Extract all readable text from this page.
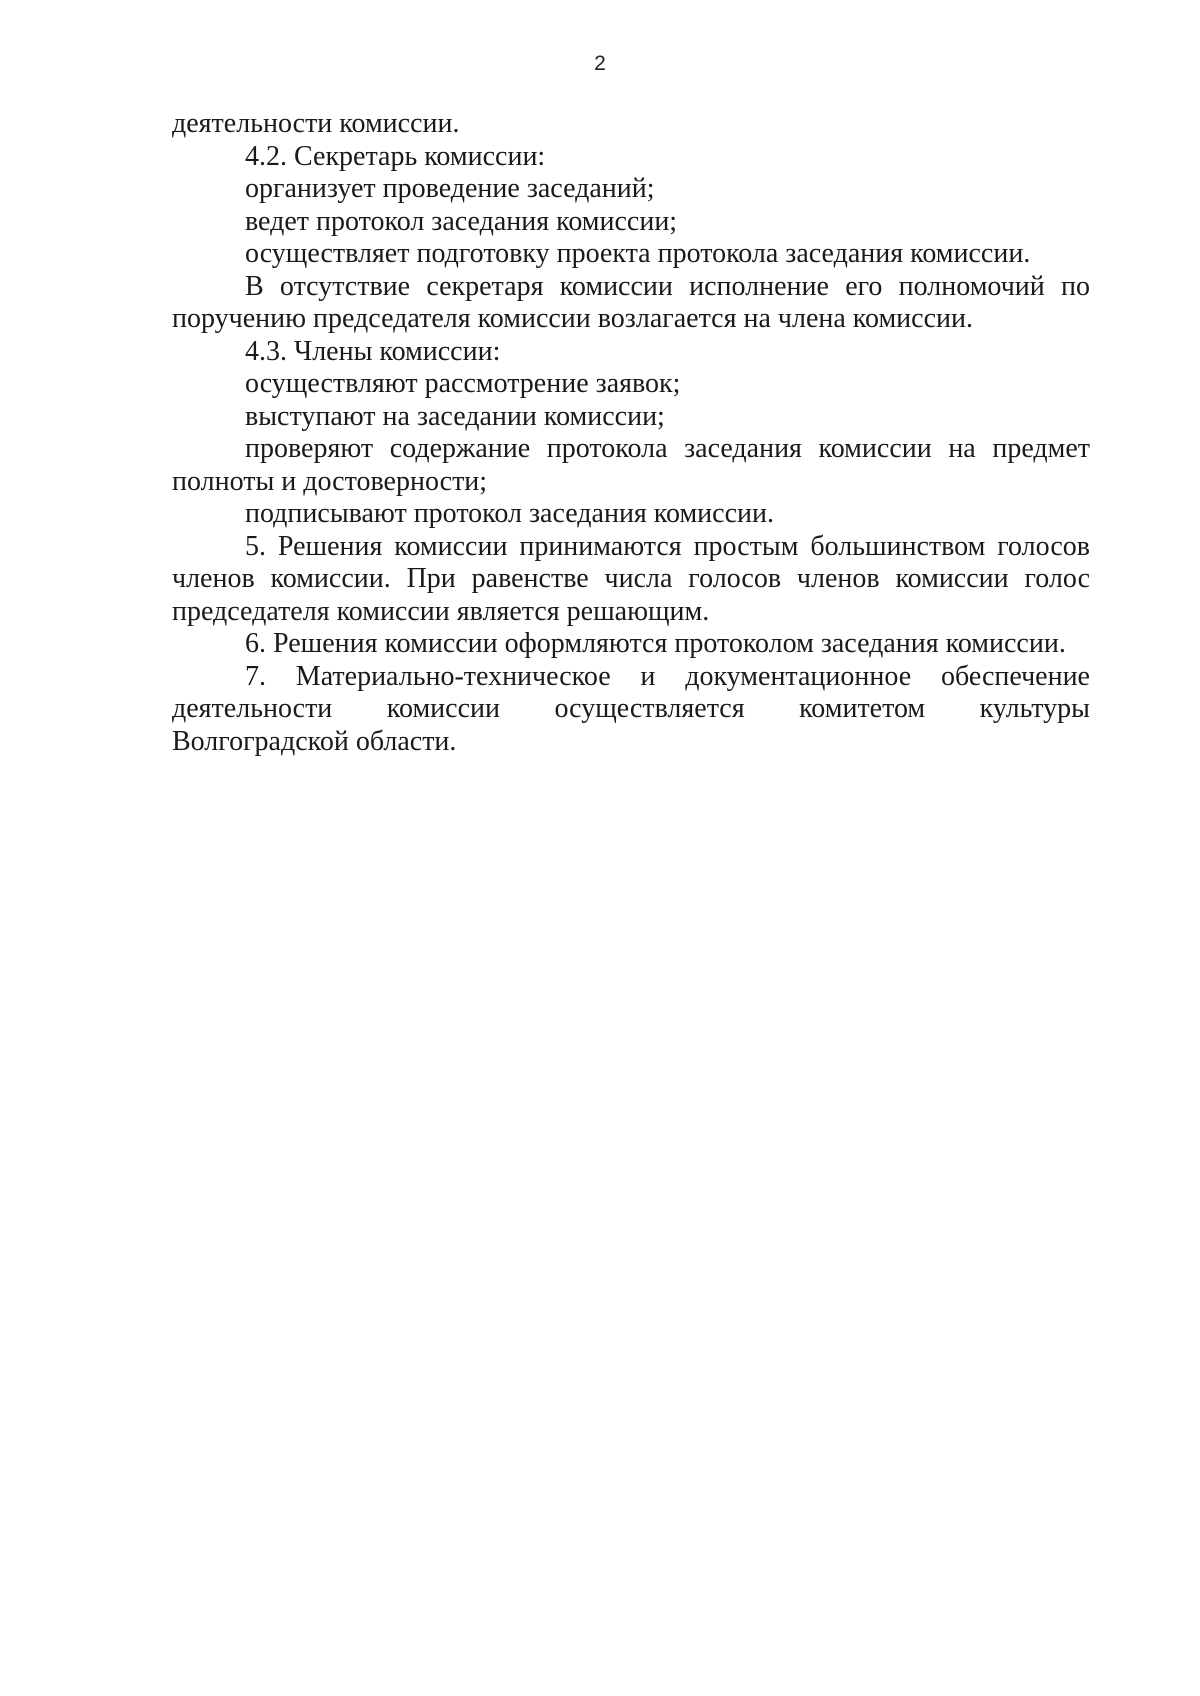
2

деятельности комиссии.

4.2. Секретарь комиссии:

организует проведение заседаний;

ведет протокол заседания комиссии;

осуществляет подготовку проекта протокола заседания комиссии.

В отсутствие секретаря комиссии исполнение его полномочий по поручению председателя комиссии возлагается на члена комиссии.

4.3. Члены комиссии:

осуществляют рассмотрение заявок;

выступают на заседании комиссии;

проверяют содержание протокола заседания комиссии на предмет полноты и достоверности;

подписывают протокол заседания комиссии.

5. Решения комиссии принимаются простым большинством голосов членов комиссии. При равенстве числа голосов членов комиссии голос председателя комиссии является решающим.

6. Решения комиссии оформляются протоколом заседания комиссии.

7. Материально-техническое и документационное обеспечение деятельности комиссии осуществляется комитетом культуры

Волгоградской области.
